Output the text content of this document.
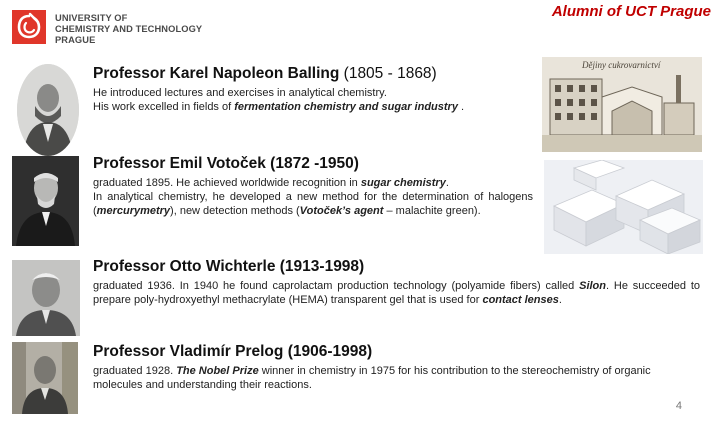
UNIVERSITY OF
CHEMISTRY AND TECHNOLOGY
PRAGUE
Alumni of UCT Prague
Dějiny cukrovarnictví
Professor Karel Napoleon Balling (1805 - 1868)
He introduced lectures and exercises in analytical chemistry.
His work excelled in fields of fermentation chemistry and sugar industry .
Professor Emil Votoček (1872 -1950)
graduated 1895. He achieved worldwide recognition in sugar chemistry.
In analytical chemistry, he developed a new method for the determination of halogens (mercurymetry), new detection methods (Votoček’s agent – malachite green).
Professor Otto Wichterle (1913-1998)
graduated 1936. In 1940 he found caprolactam production technology (polyamide fibers) called Silon. He succeeded to prepare poly-hydroxyethyl methacrylate (HEMA) transparent gel that is used for contact lenses.
Professor Vladimír Prelog (1906-1998)
graduated 1928. The Nobel Prize winner in chemistry in 1975 for his contribution to the stereochemistry of organic molecules and understanding their reactions.
4
